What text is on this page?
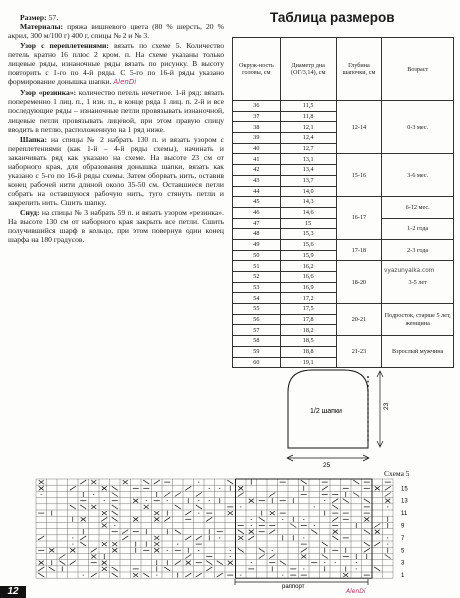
Размер: 57.

Материалы: пряжа вишневого цвета (80 % шерсть, 20 % акрил, 300 м/100 г) 400 г, спицы № 2 и № 3.

Узор с переплетениями: вязать по схеме 5. Количество петель кратно 16 плюс 2 кром. п. На схеме указаны только лицевые ряды, изнаночные ряды вязать по рисунку. В высоту повторить с 1-го по 4-й ряды. С 5-го по 16-й ряды указано формирование донышка шапки. AlenDi

Узор «резинка»: количество петель нечетное. 1-й ряд: вязать попеременно 1 лиц. п., 1 изн. п., в конце ряда 1 лиц. п. 2-й и все последующие ряды – изнаночные петли провязывать изнаночной, лицевые петли провязывать лицевой, при этом правую спицу вводить в петлю, расположенную на 1 ряд ниже.

Шапка: на спицы № 2 набрать 130 п. и вязать узором с переплетениями (как 1-й – 4-й ряды схемы), начинать и заканчивать ряд как указано на схеме. На высоте 23 см от наборного края, для образования донышка шапки, вязать как указано с 5-го по 16-й ряды схемы. Затем оборвать нить, оставив конец рабочей нити длиной около 35-50 см. Оставшиеся петли собрать на оставшуюся рабочую нить, туго стянуть петли и закрепить нить. Сшить шапку.

Снуд: на спицы № 3 набрать 59 п. и вязать узором «резинка». На высоте 130 см от наборного края закрыть все петли. Сшить получившийся шарф в кольцо, при этом повернув один конец шарфа на 180 градусов.

Таблица размеров
Окруж-ность головы, см	Диаметр дна (ОГ/3,14), см	Глубина шапочки, см	Возраст
36	11,5	12-14	0-3 мес.
37	11,8		
38	12,1		
39	12,4		
40	12,7		
41	13,1	15-16	3-6 мес.
42	13,4		
43	13,7		
44	14,0		
45	14,3	16-17	6-12 мес.
46	14,6		
47	15		1-2 года
48	15,3		
49	15,6	17-18	2-3 года
50	15,9		
51	16,2	18-20	3-5 лет
52	16,6		
53	16,9		
54	17,2		
55	17,5	20-21	Подросток, старше 5 лет, женщина
56	17,8		
57	18,2		
58	18,5	21-23	Взрослый мужчина
59	18,8		
60	19,1		
vyazunyaika.com
1/2 шапки
23
25
Схема 5
15
13
11
9
7
5
3
1
раппорт
AlenDi
12
